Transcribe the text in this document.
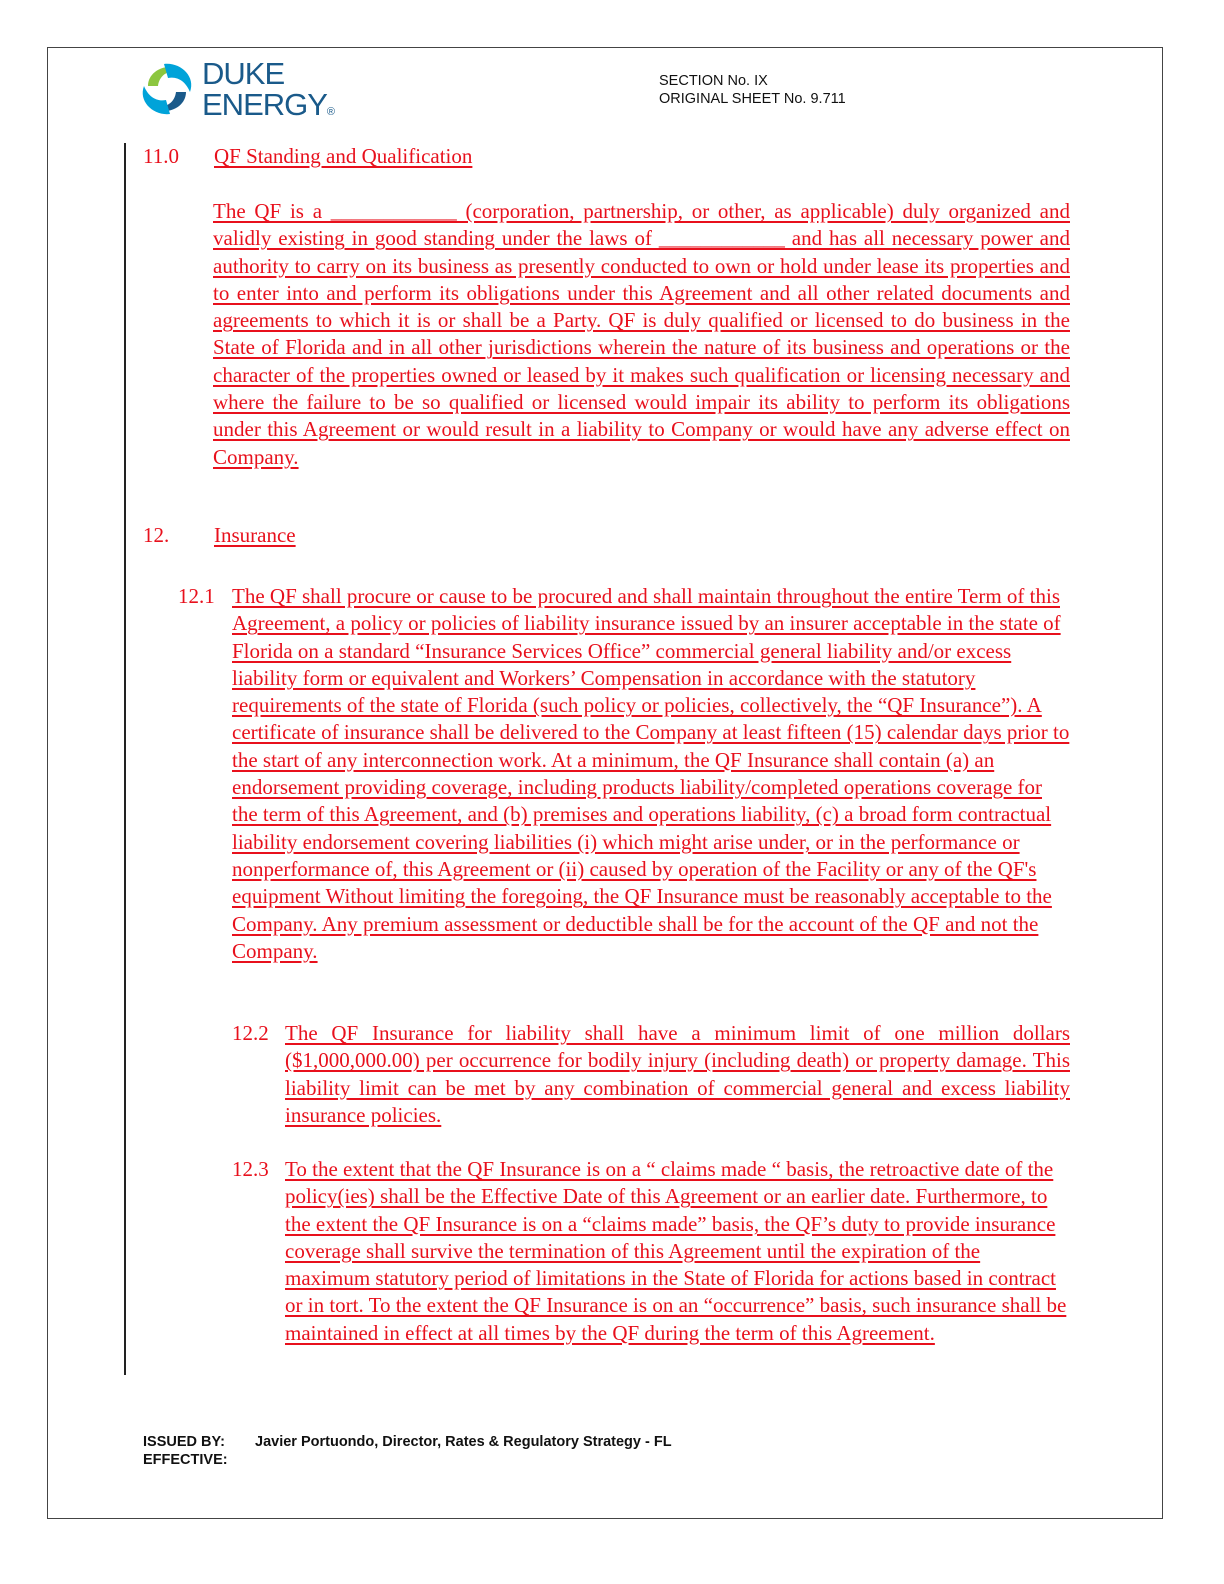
DUKE
ENERGY®
SECTION No. IX
ORIGINAL SHEET No. 9.711
11.0 QF Standing and Qualification
The QF is a ____________ (corporation, partnership, or other, as applicable) duly organized and validly existing in good standing under the laws of ____________ and has all necessary power and authority to carry on its business as presently conducted to own or hold under lease its properties and to enter into and perform its obligations under this Agreement and all other related documents and agreements to which it is or shall be a Party. QF is duly qualified or licensed to do business in the State of Florida and in all other jurisdictions wherein the nature of its business and operations or the character of the properties owned or leased by it makes such qualification or licensing necessary and where the failure to be so qualified or licensed would impair its ability to perform its obligations under this Agreement or would result in a liability to Company or would have any adverse effect on Company.
12. Insurance
12.1 The QF shall procure or cause to be procured and shall maintain throughout the entire Term of this Agreement, a policy or policies of liability insurance issued by an insurer acceptable in the state of Florida on a standard “Insurance Services Office” commercial general liability and/or excess liability form or equivalent and Workers’ Compensation in accordance with the statutory requirements of the state of Florida (such policy or policies, collectively, the “QF Insurance”). A certificate of insurance shall be delivered to the Company at least fifteen (15) calendar days prior to the start of any interconnection work. At a minimum, the QF Insurance shall contain (a) an endorsement providing coverage, including products liability/completed operations coverage for the term of this Agreement, and (b) premises and operations liability, (c) a broad form contractual liability endorsement covering liabilities (i) which might arise under, or in the performance or nonperformance of, this Agreement or (ii) caused by operation of the Facility or any of the QF's equipment Without limiting the foregoing, the QF Insurance must be reasonably acceptable to the Company. Any premium assessment or deductible shall be for the account of the QF and not the Company.
12.2 The QF Insurance for liability shall have a minimum limit of one million dollars ($1,000,000.00) per occurrence for bodily injury (including death) or property damage. This liability limit can be met by any combination of commercial general and excess liability insurance policies.
12.3 To the extent that the QF Insurance is on a “ claims made “ basis, the retroactive date of the policy(ies) shall be the Effective Date of this Agreement or an earlier date. Furthermore, to the extent the QF Insurance is on a “claims made” basis, the QF’s duty to provide insurance coverage shall survive the termination of this Agreement until the expiration of the maximum statutory period of limitations in the State of Florida for actions based in contract or in tort. To the extent the QF Insurance is on an “occurrence” basis, such insurance shall be maintained in effect at all times by the QF during the term of this Agreement.
ISSUED BY: Javier Portuondo, Director, Rates & Regulatory Strategy - FL
EFFECTIVE:
